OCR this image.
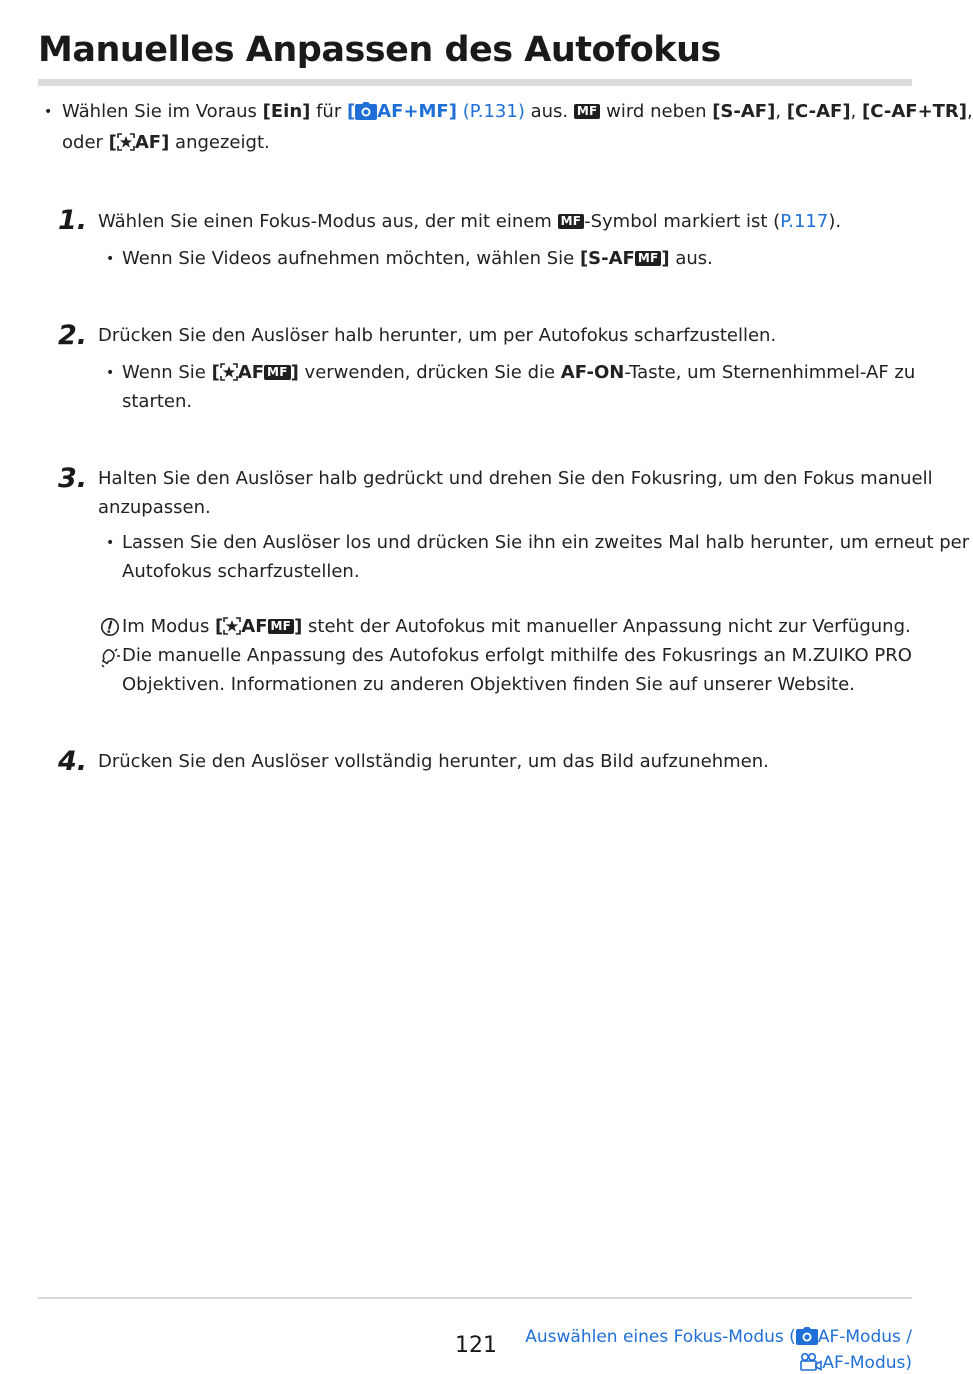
Manuelles Anpassen des Autofokus
• Wählen Sie im Voraus [Ein] für [ AF+MF] (P.131) aus. MF wird neben [S-AF], [C-AF], [C-AF+TR],
oder [ AF] angezeigt.
1. Wählen Sie einen Fokus-Modus aus, der mit einem MF -Symbol markiert ist (P.117).
• Wenn Sie Videos aufnehmen möchten, wählen Sie [S-AF MF ] aus.
2. Drücken Sie den Auslöser halb herunter, um per Autofokus scharfzustellen.
• Wenn Sie [ AF MF ] verwenden, drücken Sie die AF-ON-Taste, um Sternenhimmel-AF zu
starten.
3. Halten Sie den Auslöser halb gedrückt und drehen Sie den Fokusring, um den Fokus manuell
anzupassen.
• Lassen Sie den Auslöser los und drücken Sie ihn ein zweites Mal halb herunter, um erneut per
Autofokus scharfzustellen.
Im Modus [ AF MF ] steht der Autofokus mit manueller Anpassung nicht zur Verfügung.
Die manuelle Anpassung des Autofokus erfolgt mithilfe des Fokusrings an M.ZUIKO PRO
Objektiven. Informationen zu anderen Objektiven finden Sie auf unserer Website.
4. Drücken Sie den Auslöser vollständig herunter, um das Bild aufzunehmen.
121 Auswählen eines Fokus-Modus ( AF-Modus /
AF-Modus)
